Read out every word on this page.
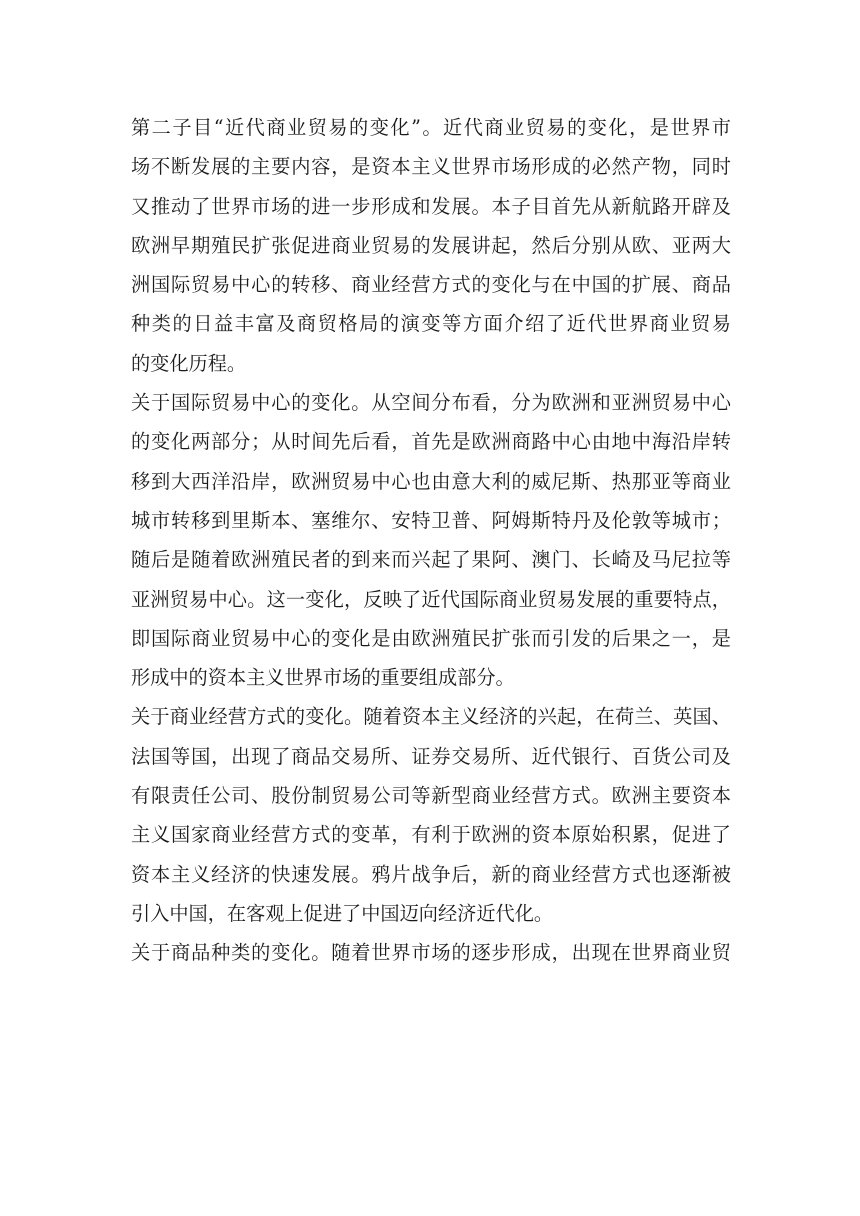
第二子目“近代商业贸易的变化”。近代商业贸易的变化，是世界市
场不断发展的主要内容，是资本主义世界市场形成的必然产物，同时
又推动了世界市场的进一步形成和发展。本子目首先从新航路开辟及
欧洲早期殖民扩张促进商业贸易的发展讲起，然后分别从欧、亚两大
洲国际贸易中心的转移、商业经营方式的变化与在中国的扩展、商品
种类的日益丰富及商贸格局的演变等方面介绍了近代世界商业贸易
的变化历程。
关于国际贸易中心的变化。从空间分布看，分为欧洲和亚洲贸易中心
的变化两部分；从时间先后看，首先是欧洲商路中心由地中海沿岸转
移到大西洋沿岸，欧洲贸易中心也由意大利的威尼斯、热那亚等商业
城市转移到里斯本、塞维尔、安特卫普、阿姆斯特丹及伦敦等城市；
随后是随着欧洲殖民者的到来而兴起了果阿、澳门、长崎及马尼拉等
亚洲贸易中心。这一变化，反映了近代国际商业贸易发展的重要特点，
即国际商业贸易中心的变化是由欧洲殖民扩张而引发的后果之一，是
形成中的资本主义世界市场的重要组成部分。
关于商业经营方式的变化。随着资本主义经济的兴起，在荷兰、英国、
法国等国，出现了商品交易所、证券交易所、近代银行、百货公司及
有限责任公司、股份制贸易公司等新型商业经营方式。欧洲主要资本
主义国家商业经营方式的变革，有利于欧洲的资本原始积累，促进了
资本主义经济的快速发展。鸦片战争后，新的商业经营方式也逐渐被
引入中国，在客观上促进了中国迈向经济近代化。
关于商品种类的变化。随着世界市场的逐步形成，出现在世界商业贸
